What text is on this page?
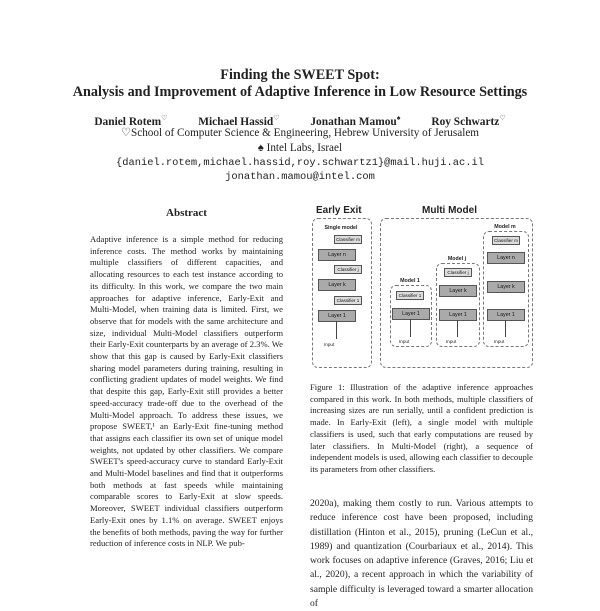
Finding the SWEET Spot:
Analysis and Improvement of Adaptive Inference in Low Resource Settings
Daniel Rotem♡	Michael Hassid♡	Jonathan Mamou♠	Roy Schwartz♡
♡School of Computer Science & Engineering, Hebrew University of Jerusalem
♠ Intel Labs, Israel
{daniel.rotem,michael.hassid,roy.schwartz1}@mail.huji.ac.il
jonathan.mamou@intel.com
Abstract
Adaptive inference is a simple method for reducing inference costs. The method works by maintaining multiple classifiers of different capacities, and allocating resources to each test instance according to its difficulty. In this work, we compare the two main approaches for adaptive inference, Early-Exit and Multi-Model, when training data is limited. First, we observe that for models with the same architecture and size, individual Multi-Model classifiers outperform their Early-Exit counterparts by an average of 2.3%. We show that this gap is caused by Early-Exit classifiers sharing model parameters during training, resulting in conflicting gradient updates of model weights. We find that despite this gap, Early-Exit still provides a better speed-accuracy trade-off due to the overhead of the Multi-Model approach. To address these issues, we propose SWEET,¹ an Early-Exit fine-tuning method that assigns each classifier its own set of unique model weights, not updated by other classifiers. We compare SWEET's speed-accuracy curve to standard Early-Exit and Multi-Model baselines and find that it outperforms both methods at fast speeds while maintaining comparable scores to Early-Exit at slow speeds. Moreover, SWEET individual classifiers outperform Early-Exit ones by 1.1% on average. SWEET enjoys the benefits of both methods, paving the way for further reduction of inference costs in NLP. We pub-
Early Exit	Multi Model
Single model
Classifier m
Layer n
Classifier j
Layer k
Classifier 1
Layer 1
Input
Model 1
Classifier 1
Layer 1
Input
Model j
Classifier j
Layer k
Layer 1
Input
Model m
Classifier m
Layer n
Layer k
Layer 1
Input
Figure 1: Illustration of the adaptive inference approaches compared in this work. In both methods, multiple classifiers of increasing sizes are run serially, until a confident prediction is made. In Early-Exit (left), a single model with multiple classifiers is used, such that early computations are reused by later classifiers. In Multi-Model (right), a sequence of independent models is used, allowing each classifier to decouple its parameters from other classifiers.
2020a), making them costly to run. Various attempts to reduce inference cost have been proposed, including distillation (Hinton et al., 2015), pruning (LeCun et al., 1989) and quantization (Courbariaux et al., 2014). This work focuses on adaptive inference (Graves, 2016; Liu et al., 2020), a recent approach in which the variability of sample difficulty is leveraged toward a smarter allocation of
